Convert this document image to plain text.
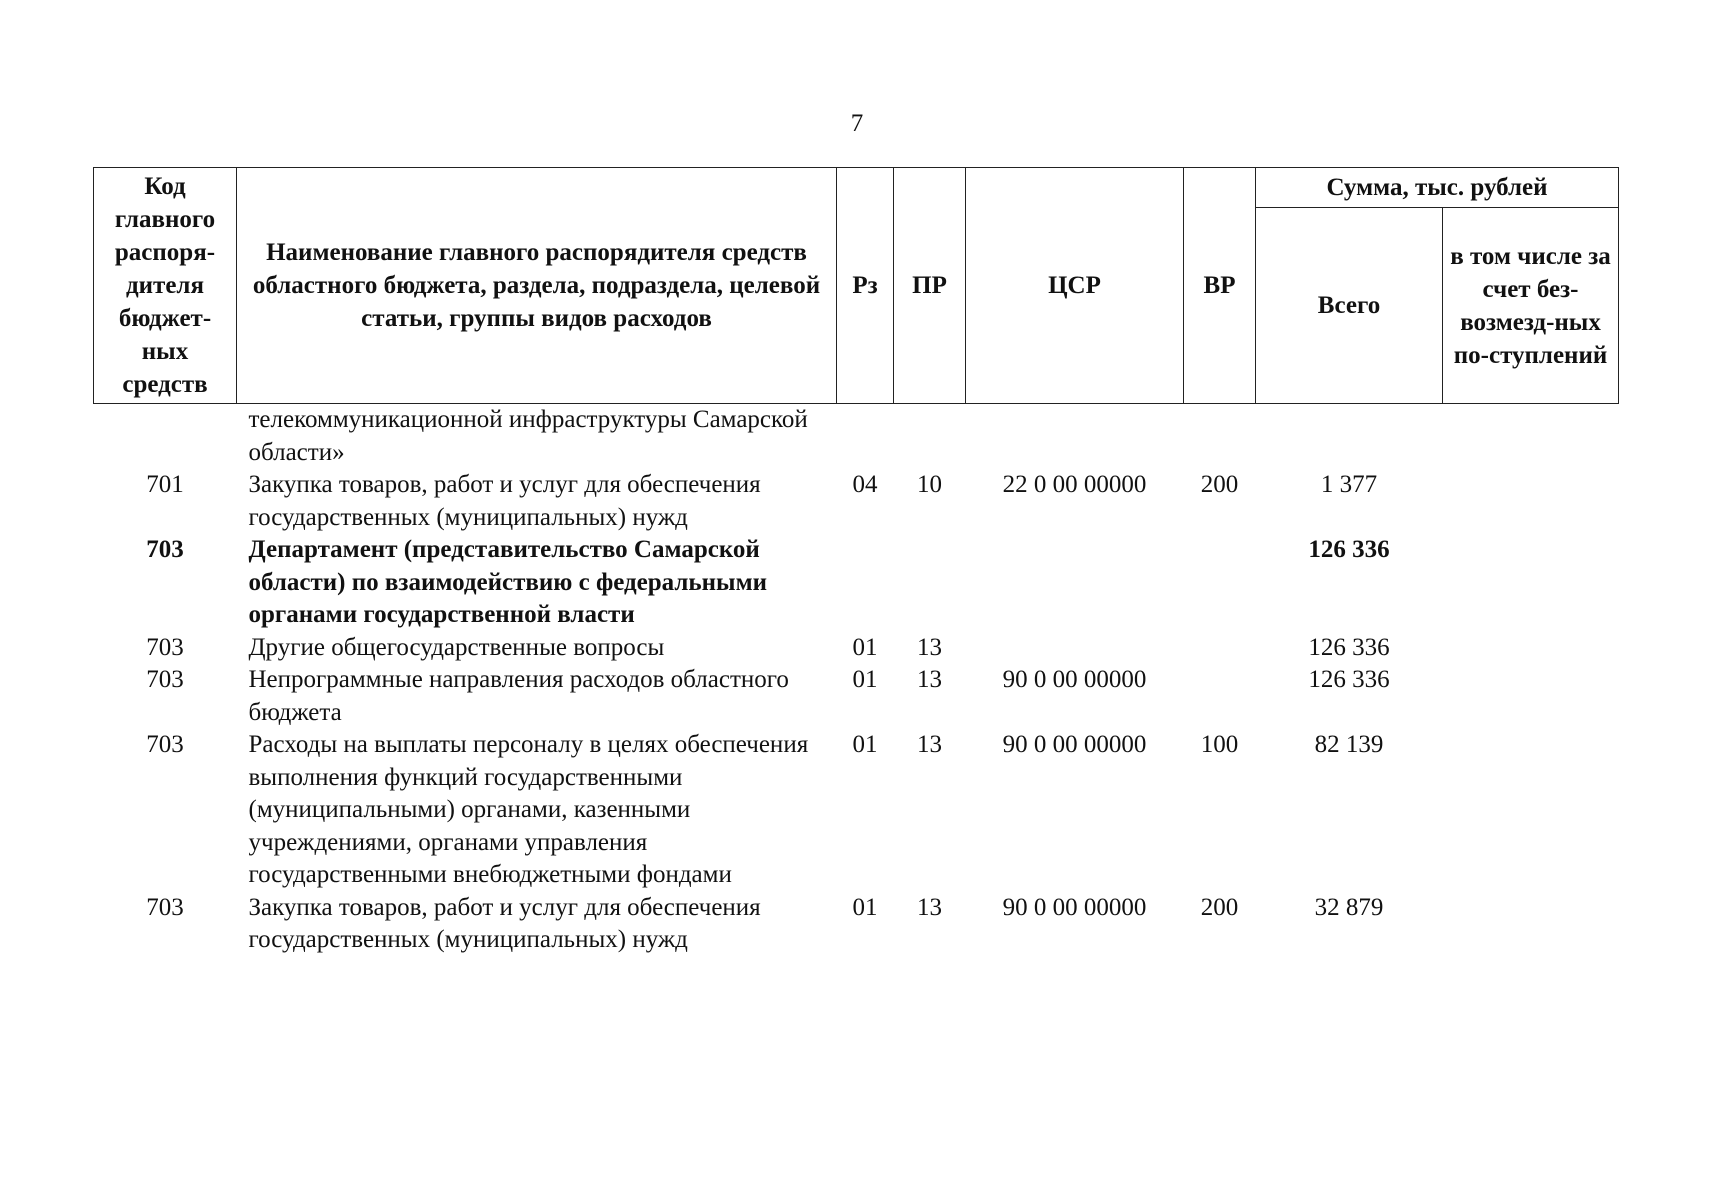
7
Код главного распоря-дителя бюджет-ных средств	Наименование главного распорядителя средств областного бюджета, раздела, подраздела, целевой статьи, группы видов расходов	Рз	ПР	ЦСР	ВР	Сумма, тыс. рублей	
						Всего	в том числе за счет без-возмезд-ных по-ступлений
	телекоммуникационной инфраструктуры Самарской области»						
701	Закупка товаров, работ и услуг для обеспечения государственных (муниципальных) нужд	04	10	22 0 00 00000	200	1 377	
703	Департамент (представительство Самарской области) по взаимодействию с федеральными органами государственной власти					126 336	
703	Другие общегосударственные вопросы	01	13			126 336	
703	Непрограммные направления расходов областного бюджета	01	13	90 0 00 00000		126 336	
703	Расходы на выплаты персоналу в целях обеспечения выполнения функций государственными (муниципальными) органами, казенными учреждениями, органами управления государственными внебюджетными фондами	01	13	90 0 00 00000	100	82 139	
703	Закупка товаров, работ и услуг для обеспечения государственных (муниципальных) нужд	01	13	90 0 00 00000	200	32 879	
